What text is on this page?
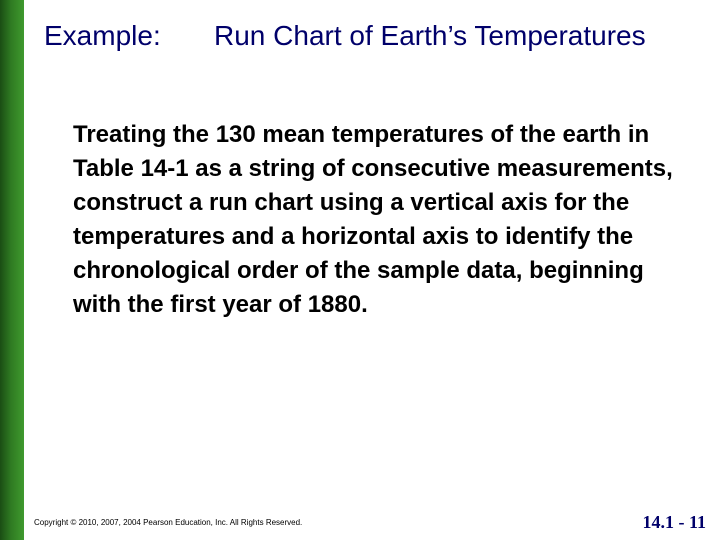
Example: Run Chart of Earth’s Temperatures
Treating the 130 mean temperatures of the earth in Table 14-1 as a string of consecutive measurements, construct a run chart using a vertical axis for the temperatures and a horizontal axis to identify the chronological order of the sample data, beginning with the first year of 1880.
Copyright © 2010, 2007, 2004 Pearson Education, Inc. All Rights Reserved.	14.1 - 11
